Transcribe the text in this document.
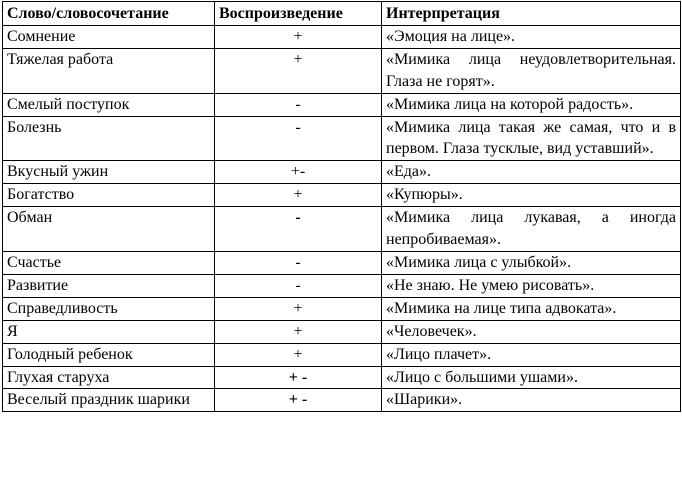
Слово/словосочетание	Воспроизведение	Интерпретация
Сомнение	+	«Эмоция на лице».
Тяжелая работа	+	«Мимика лица неудовлетворительная. Глаза не горят».
Смелый поступок	-	«Мимика лица на которой радость».
Болезнь	-	«Мимика лица такая же самая, что и в первом. Глаза тусклые, вид уставший».
Вкусный ужин	+-	«Еда».
Богатство	+	«Купюры».
Обман	-	«Мимика лица лукавая, а иногда непробиваемая».
Счастье	-	«Мимика лица с улыбкой».
Развитие	-	«Не знаю. Не умею рисовать».
Справедливость	+	«Мимика на лице типа адвоката».
Я	+	«Человечек».
Голодный ребенок	+	«Лицо плачет».
Глухая старуха	+ -	«Лицо с большими ушами».
Веселый праздник шарики	+ -	«Шарики».
